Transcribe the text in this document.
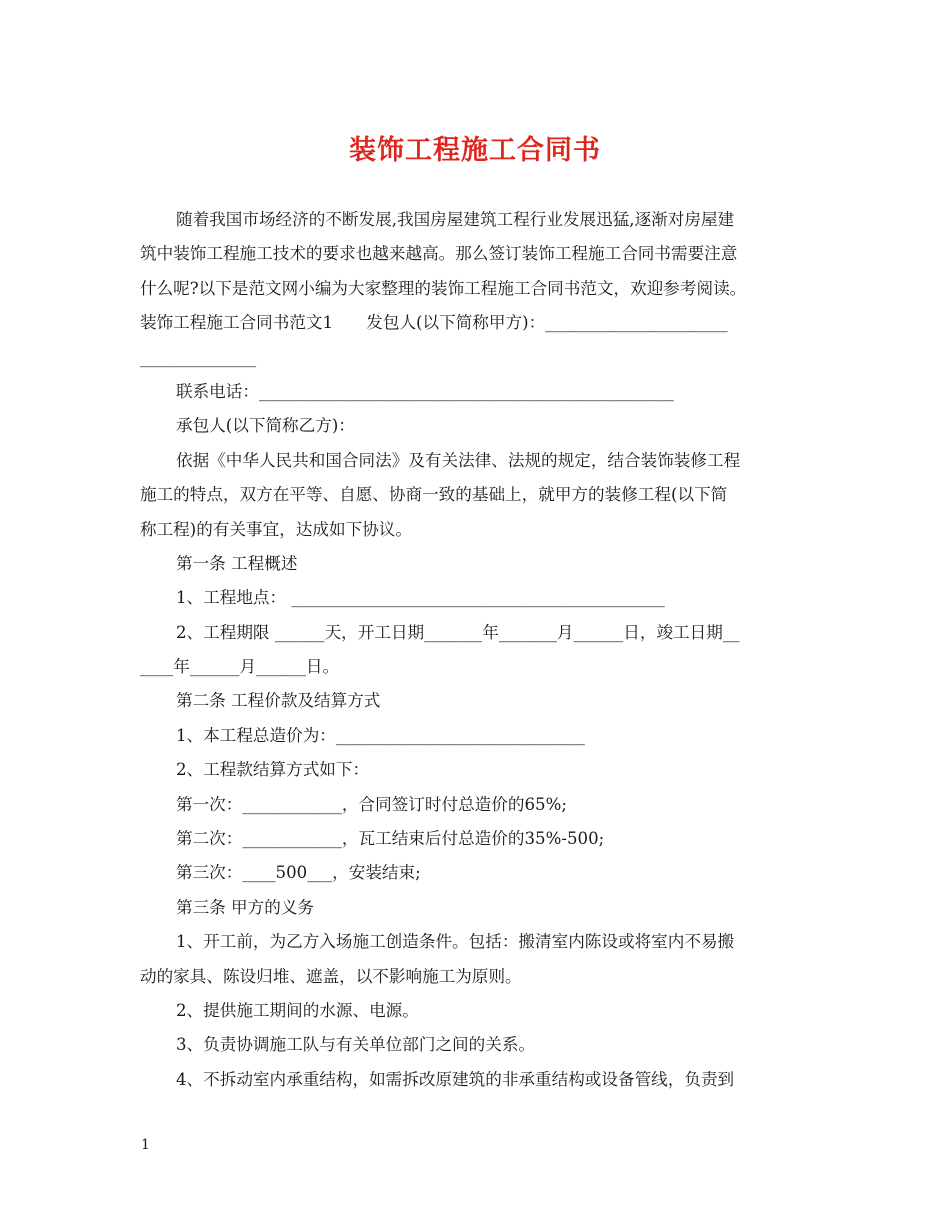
装饰工程施工合同书
随着我国市场经济的不断发展,我国房屋建筑工程行业发展迅猛,逐渐对房屋建
筑中装饰工程施工技术的要求也越来越高。那么签订装饰工程施工合同书需要注意
什么呢?以下是范文网小编为大家整理的装饰工程施工合同书范文，欢迎参考阅读。
装饰工程施工合同书范文1　　发包人(以下简称甲方)：______________________
______________
联系电话：__________________________________________________
承包人(以下简称乙方)：
依据《中华人民共和国合同法》及有关法律、法规的规定，结合装饰装修工程
施工的特点，双方在平等、自愿、协商一致的基础上，就甲方的装修工程(以下简
称工程)的有关事宜，达成如下协议。
第一条 工程概述
1、工程地点： _____________________________________________
2、工程期限 ______天，开工日期_______年_______月______日，竣工日期__
____年______月______日。
第二条 工程价款及结算方式
1、本工程总造价为：______________________________
2、工程款结算方式如下：
第一次：____________，合同签订时付总造价的65%;
第二次：____________，瓦工结束后付总造价的35%-500;
第三次：____500___，安装结束;
第三条 甲方的义务
1、开工前，为乙方入场施工创造条件。包括：搬清室内陈设或将室内不易搬
动的家具、陈设归堆、遮盖，以不影响施工为原则。
2、提供施工期间的水源、电源。
3、负责协调施工队与有关单位部门之间的关系。
4、不拆动室内承重结构，如需拆改原建筑的非承重结构或设备管线，负责到
1
